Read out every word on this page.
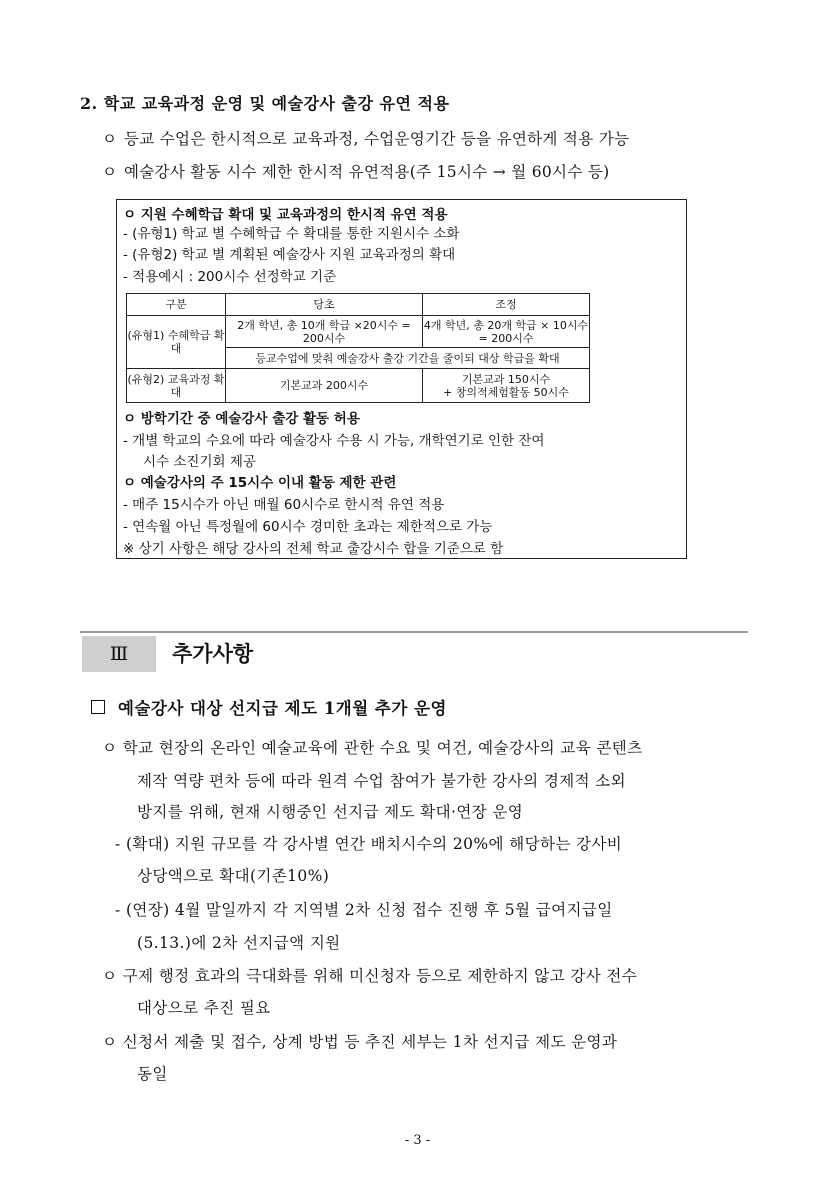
2. 학교 교육과정 운영 및 예술강사 출강 유연 적용
ㅇ 등교 수업은 한시적으로 교육과정, 수업운영기간 등을 유연하게 적용 가능
ㅇ 예술강사 활동 시수 제한 한시적 유연적용(주 15시수 → 월 60시수 등)
ㅇ 지원 수혜학급 확대 및 교육과정의 한시적 유연 적용
- (유형1) 학교 별 수혜학급 수 확대를 통한 지원시수 소화
- (유형2) 학교 별 계획된 예술강사 지원 교육과정의 확대
- 적용예시 : 200시수 선정학교 기준
구분	당초	조정
(유형1) 수혜학급 확대	2개 학년, 총 10개 학급 ×20시수 = 200시수	4개 학년, 총 20개 학급 × 10시수 = 200시수
	등교수업에 맞춰 예술강사 출강 기간을 줄이되 대상 학급을 확대	
(유형2) 교육과정 확대	기본교과 200시수	기본교과 150시수
+ 창의적체험활동 50시수
ㅇ 방학기간 중 예술강사 출강 활동 허용
- 개별 학교의 수요에 따라 예술강사 수용 시 가능, 개학연기로 인한 잔여
시수 소진기회 제공
ㅇ 예술강사의 주 15시수 이내 활동 제한 관련
- 매주 15시수가 아닌 매월 60시수로 한시적 유연 적용
- 연속월 아닌 특정월에 60시수 경미한 초과는 제한적으로 가능
※ 상기 사항은 해당 강사의 전체 학교 출강시수 합을 기준으로 함
Ⅲ	추가사항
예술강사 대상 선지급 제도 1개월 추가 운영
ㅇ 학교 현장의 온라인 예술교육에 관한 수요 및 여건, 예술강사의 교육 콘텐츠
제작 역량 편차 등에 따라 원격 수업 참여가 불가한 강사의 경제적 소외
방지를 위해, 현재 시행중인 선지급 제도 확대·연장 운영
- (확대) 지원 규모를 각 강사별 연간 배치시수의 20%에 해당하는 강사비
상당액으로 확대(기존10%)
- (연장) 4월 말일까지 각 지역별 2차 신청 접수 진행 후 5월 급여지급일
(5.13.)에 2차 선지급액 지원
ㅇ 구제 행정 효과의 극대화를 위해 미신청자 등으로 제한하지 않고 강사 전수
대상으로 추진 필요
ㅇ 신청서 제출 및 접수, 상계 방법 등 추진 세부는 1차 선지급 제도 운영과
동일
- 3 -
